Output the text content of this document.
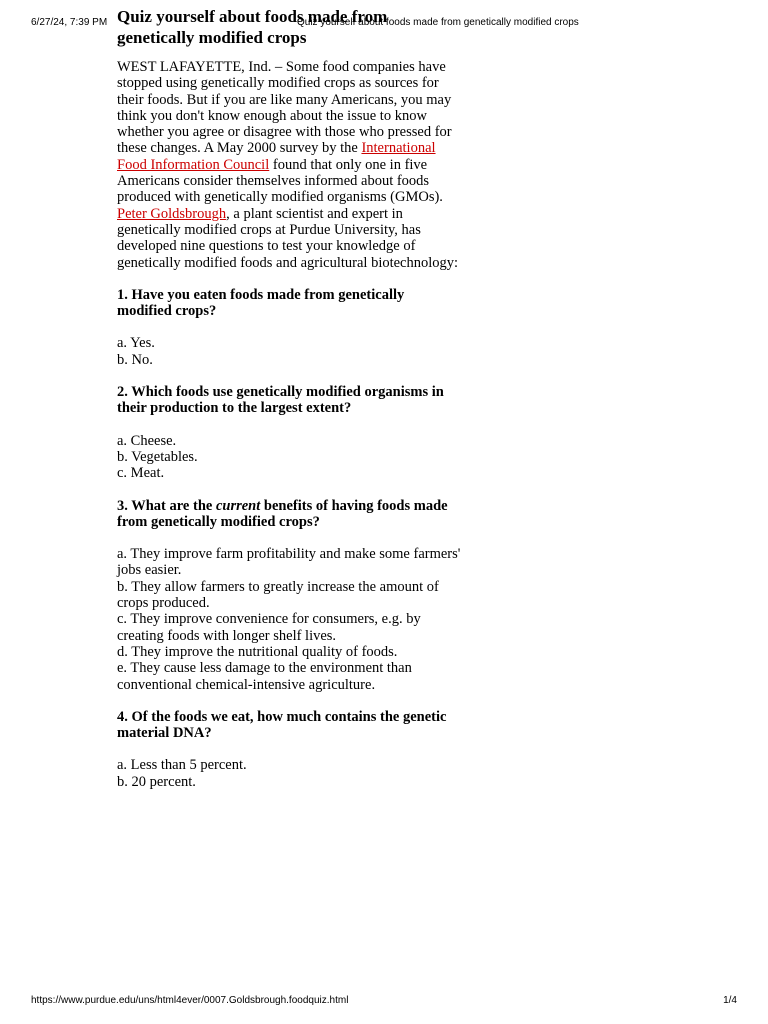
6/27/24, 7:39 PM	Quiz yourself about foods made from genetically modified crops
Quiz yourself about foods made from genetically modified crops

WEST LAFAYETTE, Ind. – Some food companies have stopped using genetically modified crops as sources for their foods. But if you are like many Americans, you may think you don't know enough about the issue to know whether you agree or disagree with those who pressed for these changes. A May 2000 survey by the International Food Information Council found that only one in five Americans consider themselves informed about foods produced with genetically modified organisms (GMOs). Peter Goldsbrough, a plant scientist and expert in genetically modified crops at Purdue University, has developed nine questions to test your knowledge of genetically modified foods and agricultural biotechnology:

1. Have you eaten foods made from genetically modified crops?

a. Yes.
b. No.

2. Which foods use genetically modified organisms in their production to the largest extent?

a. Cheese.
b. Vegetables.
c. Meat.

3. What are the current benefits of having foods made from genetically modified crops?

a. They improve farm profitability and make some farmers' jobs easier.
b. They allow farmers to greatly increase the amount of crops produced.
c. They improve convenience for consumers, e.g. by creating foods with longer shelf lives.
d. They improve the nutritional quality of foods.
e. They cause less damage to the environment than conventional chemical-intensive agriculture.

4. Of the foods we eat, how much contains the genetic material DNA?

a. Less than 5 percent.
b. 20 percent.
https://www.purdue.edu/uns/html4ever/0007.Goldsbrough.foodquiz.html	1/4
